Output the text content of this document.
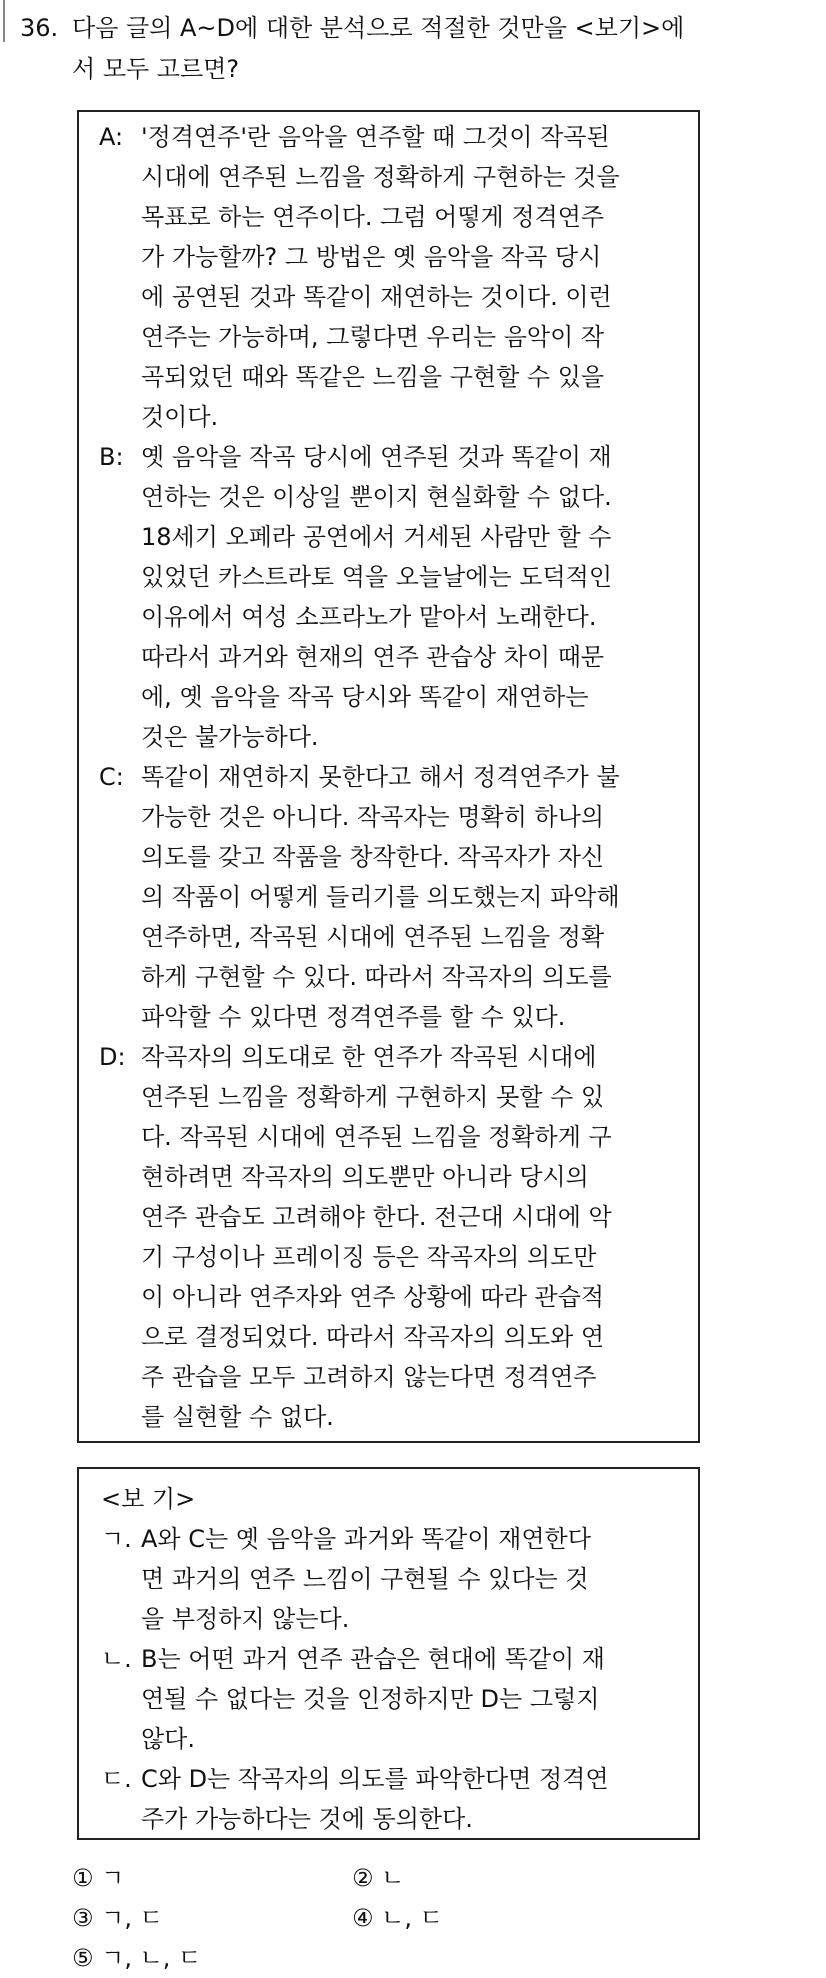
36. 다음 글의 A~D에 대한 분석으로 적절한 것만을 <보기>에
서 모두 고르면?
A: '정격연주'란 음악을 연주할 때 그것이 작곡된
시대에 연주된 느낌을 정확하게 구현하는 것을
목표로 하는 연주이다. 그럼 어떻게 정격연주
가 가능할까? 그 방법은 옛 음악을 작곡 당시
에 공연된 것과 똑같이 재연하는 것이다. 이런
연주는 가능하며, 그렇다면 우리는 음악이 작
곡되었던 때와 똑같은 느낌을 구현할 수 있을
것이다.
B: 옛 음악을 작곡 당시에 연주된 것과 똑같이 재
연하는 것은 이상일 뿐이지 현실화할 수 없다.
18세기 오페라 공연에서 거세된 사람만 할 수
있었던 카스트라토 역을 오늘날에는 도덕적인
이유에서 여성 소프라노가 맡아서 노래한다.
따라서 과거와 현재의 연주 관습상 차이 때문
에, 옛 음악을 작곡 당시와 똑같이 재연하는
것은 불가능하다.
C: 똑같이 재연하지 못한다고 해서 정격연주가 불
가능한 것은 아니다. 작곡자는 명확히 하나의
의도를 갖고 작품을 창작한다. 작곡자가 자신
의 작품이 어떻게 들리기를 의도했는지 파악해
연주하면, 작곡된 시대에 연주된 느낌을 정확
하게 구현할 수 있다. 따라서 작곡자의 의도를
파악할 수 있다면 정격연주를 할 수 있다.
D: 작곡자의 의도대로 한 연주가 작곡된 시대에
연주된 느낌을 정확하게 구현하지 못할 수 있
다. 작곡된 시대에 연주된 느낌을 정확하게 구
현하려면 작곡자의 의도뿐만 아니라 당시의
연주 관습도 고려해야 한다. 전근대 시대에 악
기 구성이나 프레이징 등은 작곡자의 의도만
이 아니라 연주자와 연주 상황에 따라 관습적
으로 결정되었다. 따라서 작곡자의 의도와 연
주 관습을 모두 고려하지 않는다면 정격연주
를 실현할 수 없다.
<보 기>
ㄱ. A와 C는 옛 음악을 과거와 똑같이 재연한다
면 과거의 연주 느낌이 구현될 수 있다는 것
을 부정하지 않는다.
ㄴ. B는 어떤 과거 연주 관습은 현대에 똑같이 재
연될 수 없다는 것을 인정하지만 D는 그렇지
않다.
ㄷ. C와 D는 작곡자의 의도를 파악한다면 정격연
주가 가능하다는 것에 동의한다.
① ㄱ	② ㄴ
③ ㄱ, ㄷ	④ ㄴ, ㄷ
⑤ ㄱ, ㄴ, ㄷ
